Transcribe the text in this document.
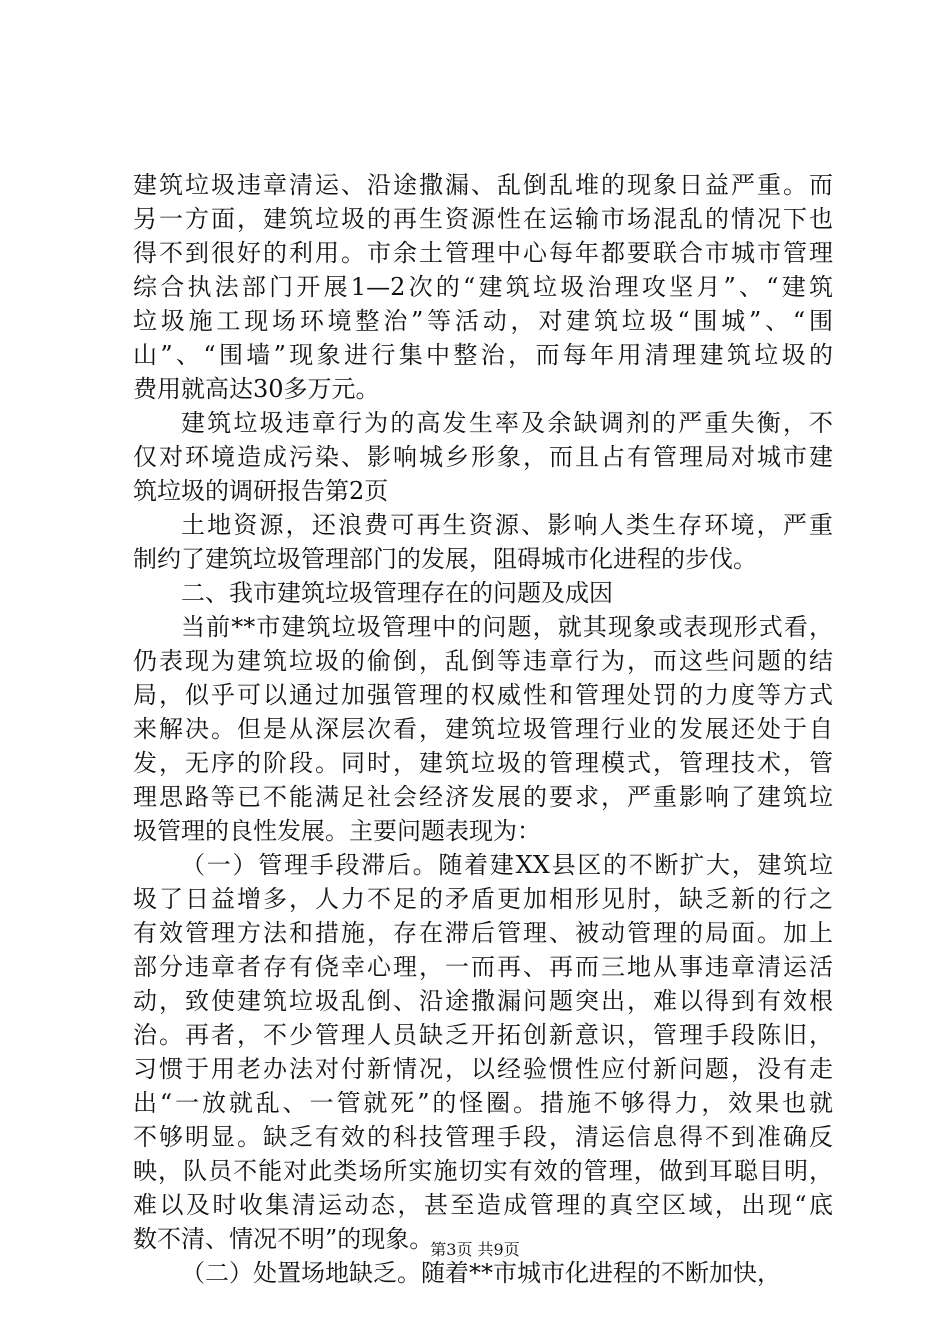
建筑垃圾违章清运、沿途撒漏、乱倒乱堆的现象日益严重。而
另一方面，建筑垃圾的再生资源性在运输市场混乱的情况下也
得不到很好的利用。市余土管理中心每年都要联合市城市管理
综合执法部门开展1—2次的“建筑垃圾治理攻坚月”、“建筑
垃圾施工现场环境整治”等活动，对建筑垃圾“围城”、“围
山”、“围墙”现象进行集中整治，而每年用清理建筑垃圾的
费用就高达30多万元。
建筑垃圾违章行为的高发生率及余缺调剂的严重失衡，不
仅对环境造成污染、影响城乡形象，而且占有管理局对城市建
筑垃圾的调研报告第2页
土地资源，还浪费可再生资源、影响人类生存环境，严重
制约了建筑垃圾管理部门的发展，阻碍城市化进程的步伐。
二、我市建筑垃圾管理存在的问题及成因
当前**市建筑垃圾管理中的问题，就其现象或表现形式看，
仍表现为建筑垃圾的偷倒，乱倒等违章行为，而这些问题的结
局，似乎可以通过加强管理的权威性和管理处罚的力度等方式
来解决。但是从深层次看，建筑垃圾管理行业的发展还处于自
发，无序的阶段。同时，建筑垃圾的管理模式，管理技术，管
理思路等已不能满足社会经济发展的要求，严重影响了建筑垃
圾管理的良性发展。主要问题表现为：
（一）管理手段滞后。随着建XX县区的不断扩大，建筑垃
圾了日益增多，人力不足的矛盾更加相形见肘，缺乏新的行之
有效管理方法和措施，存在滞后管理、被动管理的局面。加上
部分违章者存有侥幸心理，一而再、再而三地从事违章清运活
动，致使建筑垃圾乱倒、沿途撒漏问题突出，难以得到有效根
治。再者，不少管理人员缺乏开拓创新意识，管理手段陈旧，
习惯于用老办法对付新情况，以经验惯性应付新问题，没有走
出“一放就乱、一管就死”的怪圈。措施不够得力，效果也就
不够明显。缺乏有效的科技管理手段，清运信息得不到准确反
映，队员不能对此类场所实施切实有效的管理，做到耳聪目明，
难以及时收集清运动态，甚至造成管理的真空区域，出现“底
数不清、情况不明”的现象。
（二）处置场地缺乏。随着**市城市化进程的不断加快，
第3页 共9页
